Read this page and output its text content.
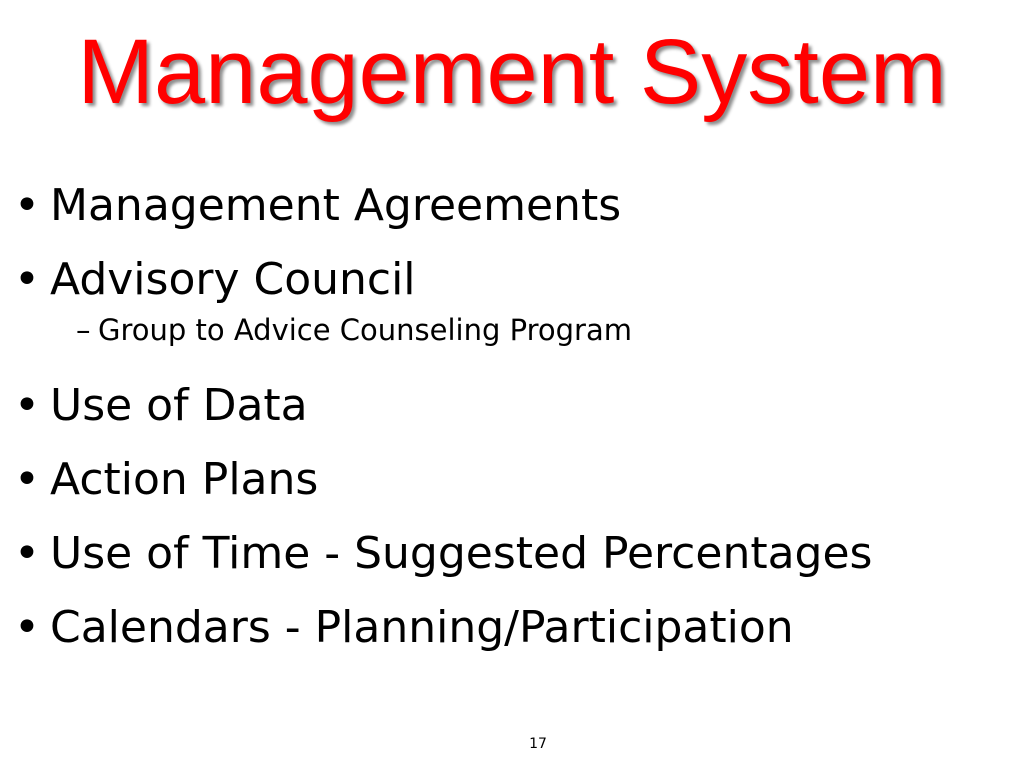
Management System
• Management Agreements
• Advisory Council
– Group to Advice Counseling Program
• Use of Data
• Action Plans
• Use of Time - Suggested Percentages
• Calendars - Planning/Participation
17
